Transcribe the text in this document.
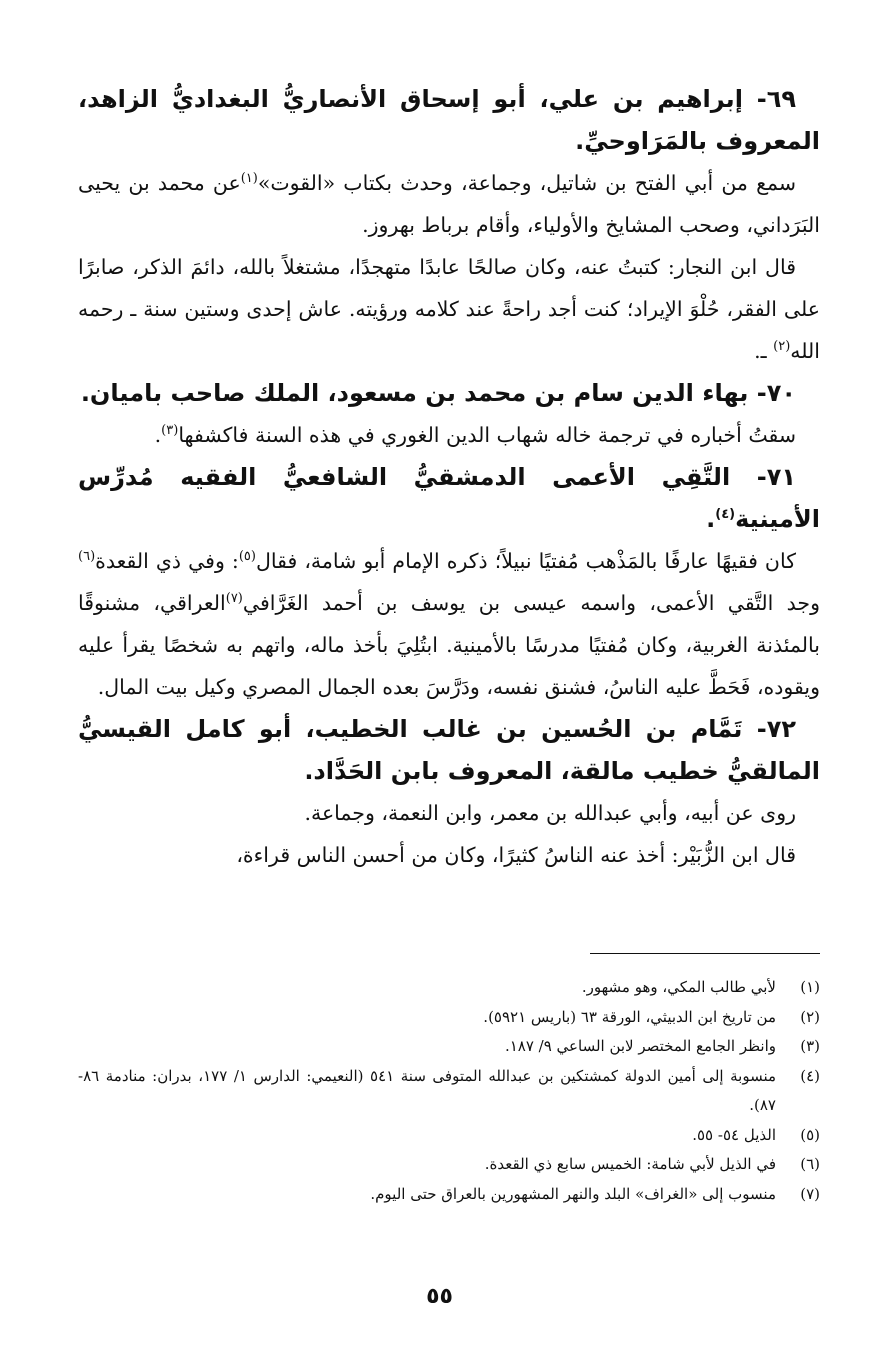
٦٩- إبراهيم بن علي، أبو إسحاق الأنصاريُّ البغداديُّ الزاهد، المعروف بالمَرَاوحيِّ.

سمع من أبي الفتح بن شاتيل، وجماعة، وحدث بكتاب «القوت»$^{(١)}$عن محمد بن يحيى البَرَداني، وصحب المشايخ والأولياء، وأقام برباط بهروز.

قال ابن النجار: كتبتُ عنه، وكان صالحًا عابدًا متهجدًا، مشتغلاً بالله، دائمَ الذكر، صابرًا على الفقر، حُلْوَ الإيراد؛ كنت أجد راحةً عند كلامه ورؤيته. عاش إحدى وستين سنة ـ رحمه الله$^{(٢)}$ ـ.

٧٠- بهاء الدين سام بن محمد بن مسعود، الملك صاحب باميان.

سقتُ أخباره في ترجمة خاله شهاب الدين الغوري في هذه السنة فاكشفها$^{(٣)}$.

٧١- التَّقِي الأعمى الدمشقيُّ الشافعيُّ الفقيه مُدرِّس الأمينية$^{(٤)}$.

كان فقيهًا عارفًا بالمَذْهب مُفتيًا نبيلاً؛ ذكره الإمام أبو شامة، فقال$^{(٥)}$: وفي ذي القعدة$^{(٦)}$ وجد التَّقي الأعمى، واسمه عيسى بن يوسف بن أحمد الغَرَّافي$^{(٧)}$العراقي، مشنوقًا بالمئذنة الغربية، وكان مُفتيًا مدرسًا بالأمينية. ابتُلِيَ بأخذ ماله، واتهم به شخصًا يقرأ عليه ويقوده، فَحَطَّ عليه الناسُ، فشنق نفسه، ودَرَّسَ بعده الجمال المصري وكيل بيت المال.

٧٢- تَمَّام بن الحُسين بن غالب الخطيب، أبو كامل القيسيُّ المالقيُّ خطيب مالقة، المعروف بابن الحَدَّاد.

روى عن أبيه، وأبي عبدالله بن معمر، وابن النعمة، وجماعة.

قال ابن الزُّبَيْر: أخذ عنه الناسُ كثيرًا، وكان من أحسن الناس قراءة،

(١)
لأبي طالب المكي، وهو مشهور.
(٢)
من تاريخ ابن الدبيثي، الورقة ٦٣ (باريس ٥٩٢١).
(٣)
وانظر الجامع المختصر لابن الساعي ٩/ ١٨٧.
(٤)
منسوبة إلى أمين الدولة كمشتكين بن عبدالله المتوفى سنة ٥٤١ (النعيمي: الدارس ١/ ١٧٧، بدران: منادمة ٨٦- ٨٧).
(٥)
الذيل ٥٤- ٥٥.
(٦)
في الذيل لأبي شامة: الخميس سابع ذي القعدة.
(٧)
منسوب إلى «الغراف» البلد والنهر المشهورين بالعراق حتى اليوم.
٥٥
